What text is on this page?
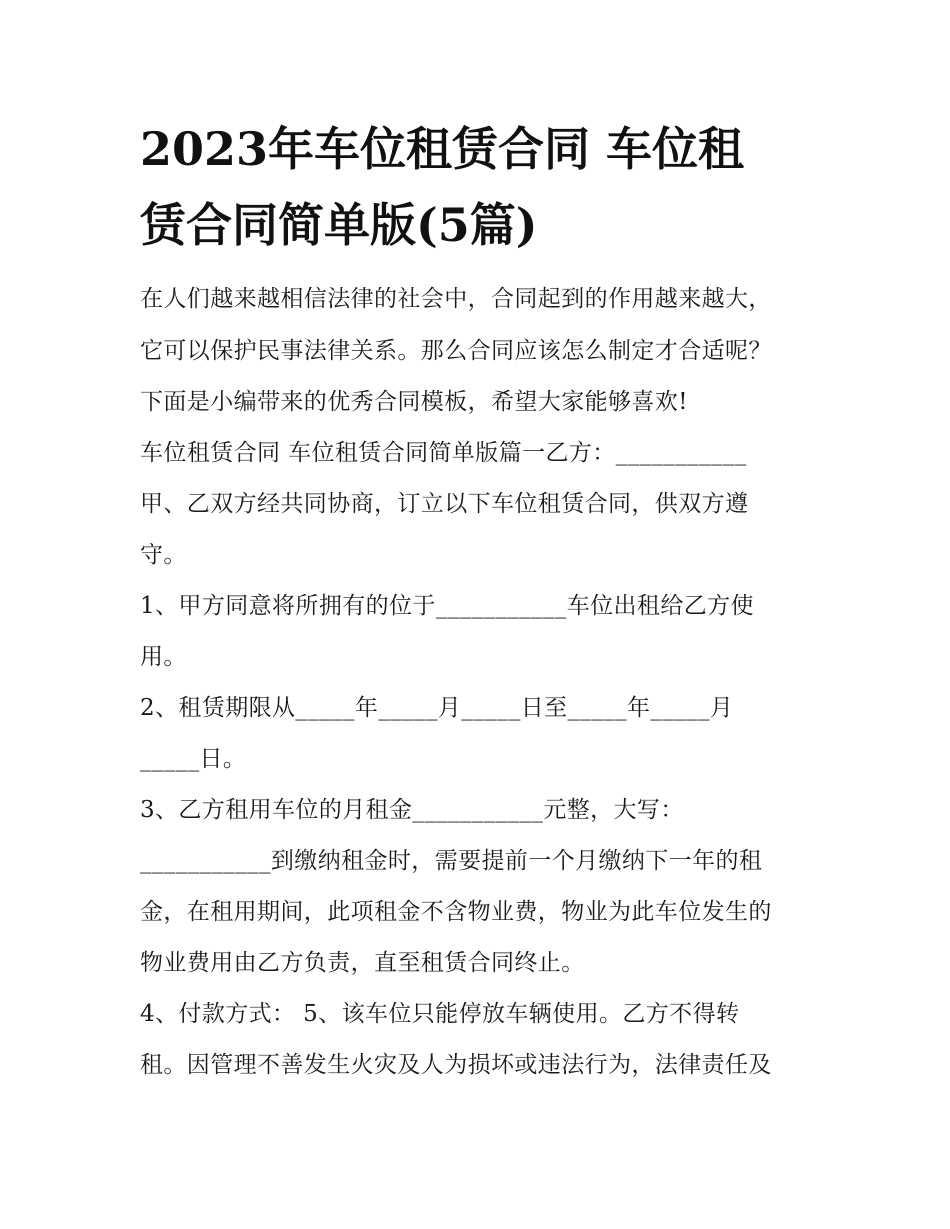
2023年车位租赁合同 车位租
赁合同简单版(5篇)
在人们越来越相信法律的社会中，合同起到的作用越来越大，
它可以保护民事法律关系。那么合同应该怎么制定才合适呢？
下面是小编带来的优秀合同模板，希望大家能够喜欢!
车位租赁合同 车位租赁合同简单版篇一乙方：___________
甲、乙双方经共同协商，订立以下车位租赁合同，供双方遵
守。
1、甲方同意将所拥有的位于___________车位出租给乙方使
用。
2、租赁期限从_____年_____月_____日至_____年_____月
_____日。
3、乙方租用车位的月租金___________元整，大写：
___________到缴纳租金时，需要提前一个月缴纳下一年的租
金，在租用期间，此项租金不含物业费，物业为此车位发生的
物业费用由乙方负责，直至租赁合同终止。
4、付款方式： 5、该车位只能停放车辆使用。乙方不得转
租。因管理不善发生火灾及人为损坏或违法行为，法律责任及
